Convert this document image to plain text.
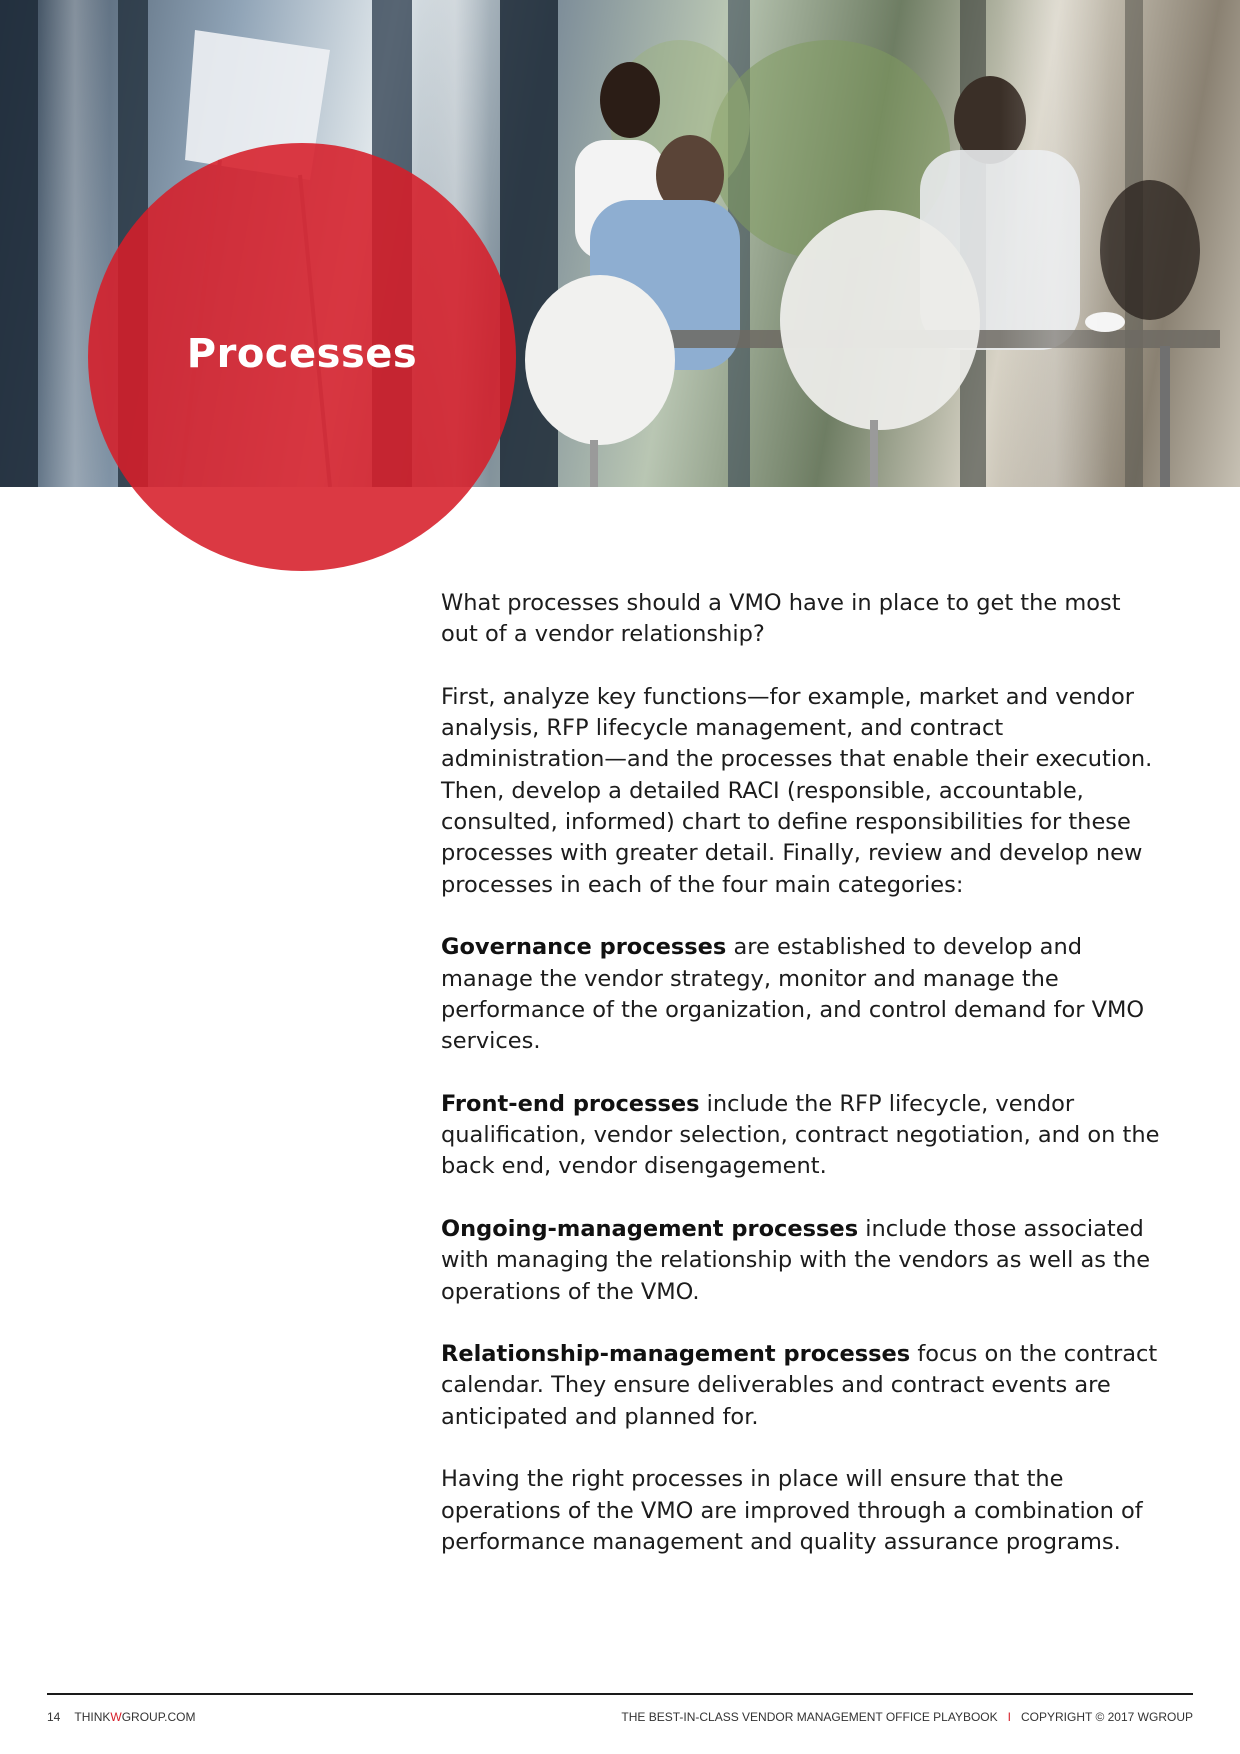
Processes

What processes should a VMO have in place to get the most out of a vendor relationship?

First, analyze key functions—for example, market and vendor analysis, RFP lifecycle management, and contract administration—and the processes that enable their execution. Then, develop a detailed RACI (responsible, accountable, consulted, informed) chart to define responsibilities for these processes with greater detail. Finally, review and develop new processes in each of the four main categories:

Governance processes are established to develop and manage the vendor strategy, monitor and manage the performance of the organization, and control demand for VMO services.

Front-end processes include the RFP lifecycle, vendor qualification, vendor selection, contract negotiation, and on the back end, vendor disengagement.

Ongoing-management processes include those associated with managing the relationship with the vendors as well as the operations of the VMO.

Relationship-management processes focus on the contract calendar. They ensure deliverables and contract events are anticipated and planned for.

Having the right processes in place will ensure that the operations of the VMO are improved through a combination of performance management and quality assurance programs.

14 THINKWGROUP.COM	THE BEST-IN-CLASS VENDOR MANAGEMENT OFFICE PLAYBOOK I COPYRIGHT © 2017 WGROUP
